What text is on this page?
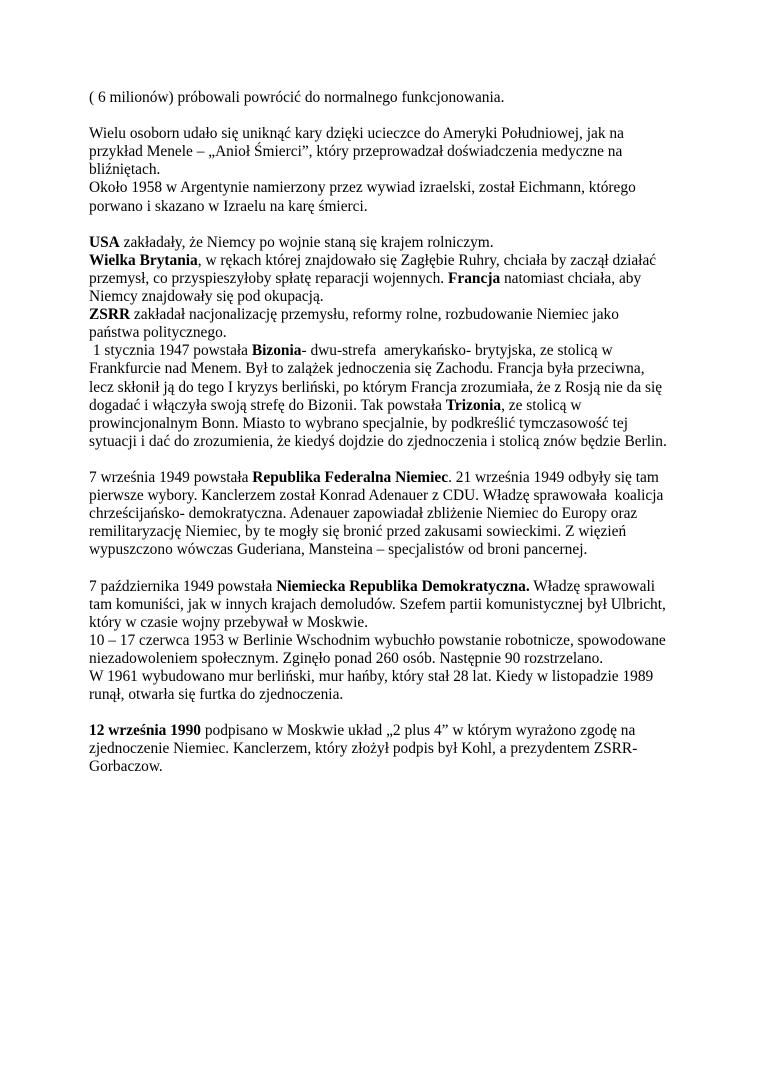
( 6 milionów) próbowali powrócić do normalnego funkcjonowania.
Wielu osoborn udało się uniknąć kary dzięki ucieczce do Ameryki Południowej, jak na
przykład Menele – „Anioł Śmierci”, który przeprowadzał doświadczenia medyczne na
bliźniętach.
Około 1958 w Argentynie namierzony przez wywiad izraelski, został Eichmann, którego
porwano i skazano w Izraelu na karę śmierci.
USA zakładały, że Niemcy po wojnie staną się krajem rolniczym.
Wielka Brytania, w rękach której znajdowało się Zagłębie Ruhry, chciała by zaczął działać
przemysł, co przyspieszyłoby spłatę reparacji wojennych. Francja natomiast chciała, aby
Niemcy znajdowały się pod okupacją.
ZSRR zakładał nacjonalizację przemysłu, reformy rolne, rozbudowanie Niemiec jako
państwa politycznego.
1 stycznia 1947 powstała Bizonia- dwu-strefa  amerykańsko- brytyjska, ze stolicą w
Frankfurcie nad Menem. Był to zalążek jednoczenia się Zachodu. Francja była przeciwna,
lecz skłonił ją do tego I kryzys berliński, po którym Francja zrozumiała, że z Rosją nie da się
dogadać i włączyła swoją strefę do Bizonii. Tak powstała Trizonia, ze stolicą w
prowincjonalnym Bonn. Miasto to wybrano specjalnie, by podkreślić tymczasowość tej
sytuacji i dać do zrozumienia, że kiedyś dojdzie do zjednoczenia i stolicą znów będzie Berlin.
7 września 1949 powstała Republika Federalna Niemiec. 21 września 1949 odbyły się tam
pierwsze wybory. Kanclerzem został Konrad Adenauer z CDU. Władzę sprawowała  koalicja
chrześcijańsko- demokratyczna. Adenauer zapowiadał zbliżenie Niemiec do Europy oraz
remilitaryzację Niemiec, by te mogły się bronić przed zakusami sowieckimi. Z więzień
wypuszczono wówczas Guderiana, Mansteina – specjalistów od broni pancernej.
7 października 1949 powstała Niemiecka Republika Demokratyczna. Władzę sprawowali
tam komuniści, jak w innych krajach demoludów. Szefem partii komunistycznej był Ulbricht,
który w czasie wojny przebywał w Moskwie.
10 – 17 czerwca 1953 w Berlinie Wschodnim wybuchło powstanie robotnicze, spowodowane
niezadowoleniem społecznym. Zginęło ponad 260 osób. Następnie 90 rozstrzelano.
W 1961 wybudowano mur berliński, mur hańby, który stał 28 lat. Kiedy w listopadzie 1989
runął, otwarła się furtka do zjednoczenia.
12 września 1990 podpisano w Moskwie układ „2 plus 4” w którym wyrażono zgodę na
zjednoczenie Niemiec. Kanclerzem, który złożył podpis był Kohl, a prezydentem ZSRR-
Gorbaczow.
